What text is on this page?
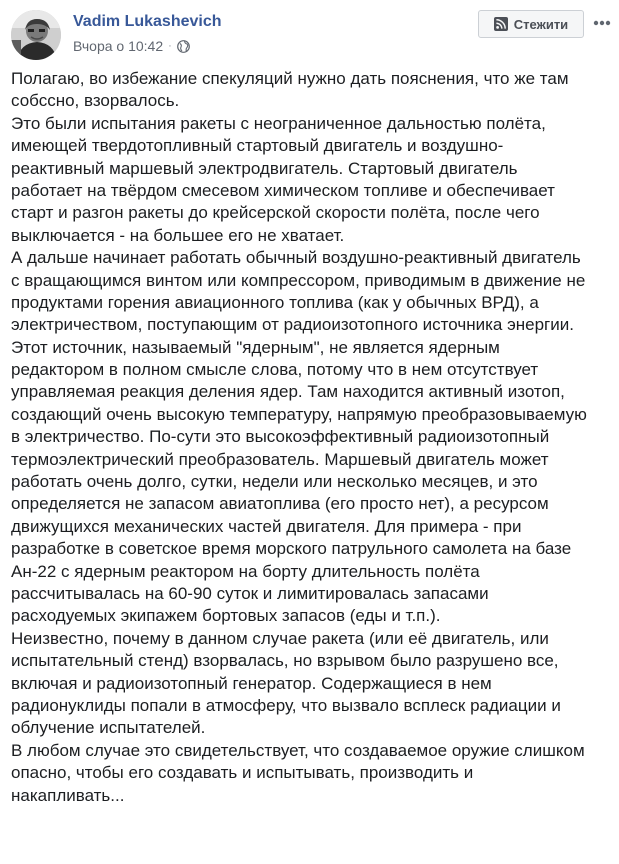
Vadim Lukashevich
Вчора о 10:42 ·
Стежити
Полагаю, во избежание спекуляций нужно дать пояснения, что же там
собсcно, взорвалось.
Это были испытания ракеты с неограниченное дальностью полёта,
имеющей твердотопливный стартовый двигатель и воздушно-
реактивный маршевый электродвигатель. Стартовый двигатель
работает на твёрдом смесевом химическом топливе и обеспечивает
старт и разгон ракеты до крейсерской скорости полёта, после чего
выключается - на большее его не хватает.
А дальше начинает работать обычный воздушно-реактивный двигатель
с вращающимся винтом или компрессором, приводимым в движение не
продуктами горения авиационного топлива (как у обычных ВРД), а
электричеством, поступающим от радиоизотопного источника энергии.
Этот источник, называемый "ядерным", не является ядерным
редактором в полном смысле слова, потому что в нем отсутствует
управляемая реакция деления ядер. Там находится активный изотоп,
создающий очень высокую температуру, напрямую преобразовываемую
в электричество. По-сути это высокоэффективный радиоизотопный
термоэлектрический преобразователь. Маршевый двигатель может
работать очень долго, сутки, недели или несколько месяцев, и это
определяется не запасом авиатоплива (его просто нет), а ресурсом
движущихся механических частей двигателя. Для примера - при
разработке в советское время морского патрульного самолета на базе
Ан-22 с ядерным реактором на борту длительность полёта
рассчитывалась на 60-90 суток и лимитировалась запасами
расходуемых экипажем бортовых запасов (еды и т.п.).
Неизвестно, почему в данном случае ракета (или её двигатель, или
испытательный стенд) взорвалась, но взрывом было разрушено все,
включая и радиоизотопный генератор. Содержащиеся в нем
радионуклиды попали в атмосферу, что вызвало всплеск радиации и
облучение испытателей.
В любом случае это свидетельствует, что создаваемое оружие слишком
опасно, чтобы его создавать и испытывать, производить и
накапливать...
